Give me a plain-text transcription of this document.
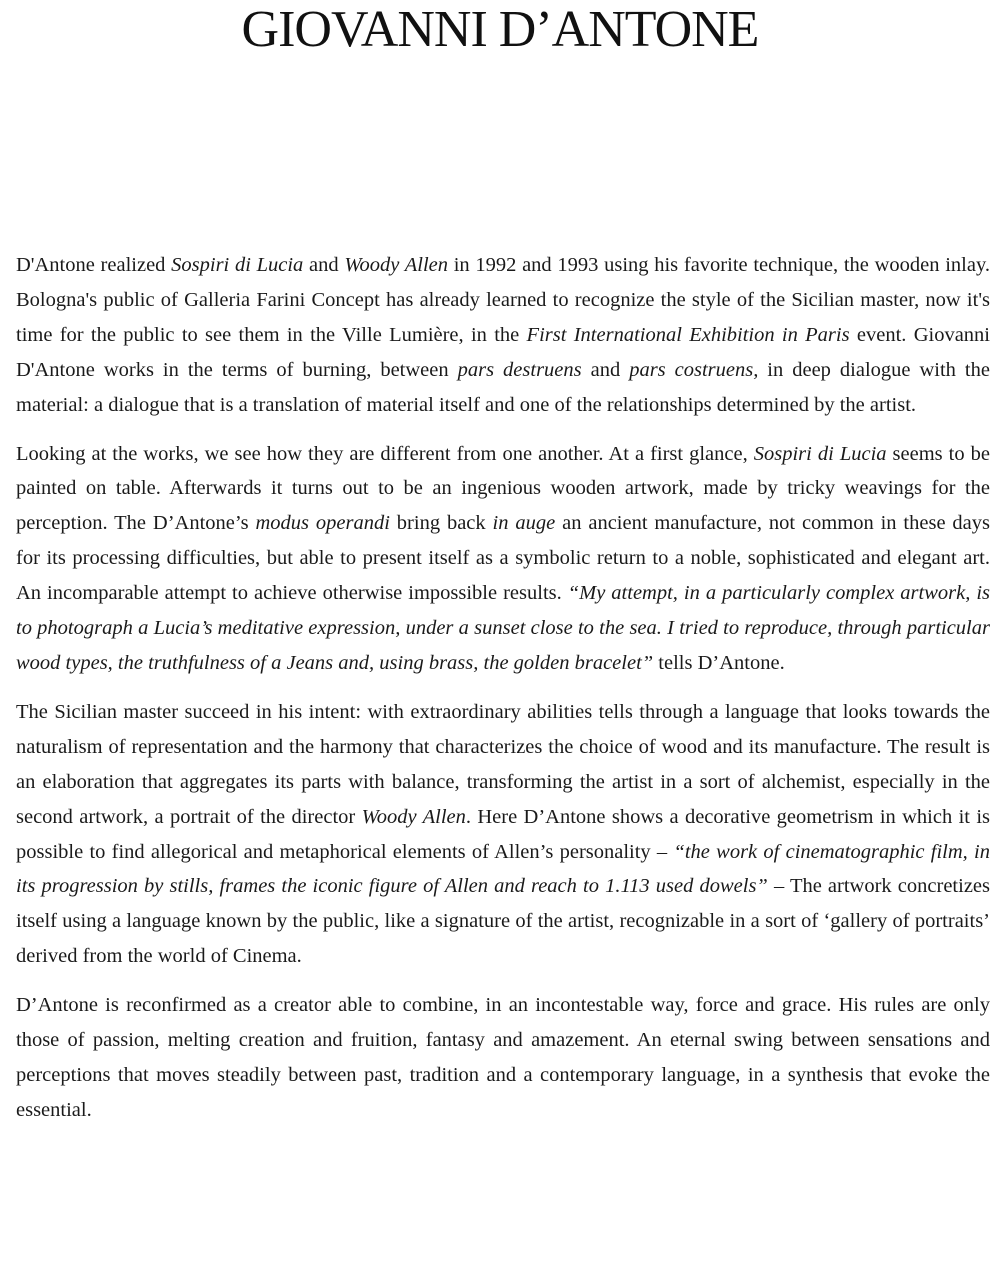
GIOVANNI D’ANTONE

D'Antone realized Sospiri di Lucia and Woody Allen in 1992 and 1993 using his favorite technique, the wooden inlay. Bologna's public of Galleria Farini Concept has already learned to recognize the style of the Sicilian master, now it's time for the public to see them in the Ville Lumière, in the First International Exhibition in Paris event. Giovanni D'Antone works in the terms of burning, between pars destruens and pars costruens, in deep dialogue with the material: a dialogue that is a translation of material itself and one of the relationships determined by the artist.

Looking at the works, we see how they are different from one another. At a first glance, Sospiri di Lucia seems to be painted on table. Afterwards it turns out to be an ingenious wooden artwork, made by tricky weavings for the perception. The D’Antone’s modus operandi bring back in auge an ancient manufacture, not common in these days for its processing difficulties, but able to present itself as a symbolic return to a noble, sophisticated and elegant art. An incomparable attempt to achieve otherwise impossible results. “My attempt, in a particularly complex artwork, is to photograph a Lucia’s meditative expression, under a sunset close to the sea. I tried to reproduce, through particular wood types, the truthfulness of a Jeans and, using brass, the golden bracelet” tells D’Antone.

The Sicilian master succeed in his intent: with extraordinary abilities tells through a language that looks towards the naturalism of representation and the harmony that characterizes the choice of wood and its manufacture. The result is an elaboration that aggregates its parts with balance, transforming the artist in a sort of alchemist, especially in the second artwork, a portrait of the director Woody Allen. Here D’Antone shows a decorative geometrism in which it is possible to find allegorical and metaphorical elements of Allen’s personality – “the work of cinematographic film, in its progression by stills, frames the iconic figure of Allen and reach to 1.113 used dowels” – The artwork concretizes itself using a language known by the public, like a signature of the artist, recognizable in a sort of ‘gallery of portraits’ derived from the world of Cinema.

D’Antone is reconfirmed as a creator able to combine, in an incontestable way, force and grace. His rules are only those of passion, melting creation and fruition, fantasy and amazement. An eternal swing between sensations and perceptions that moves steadily between past, tradition and a contemporary language, in a synthesis that evoke the essential.
